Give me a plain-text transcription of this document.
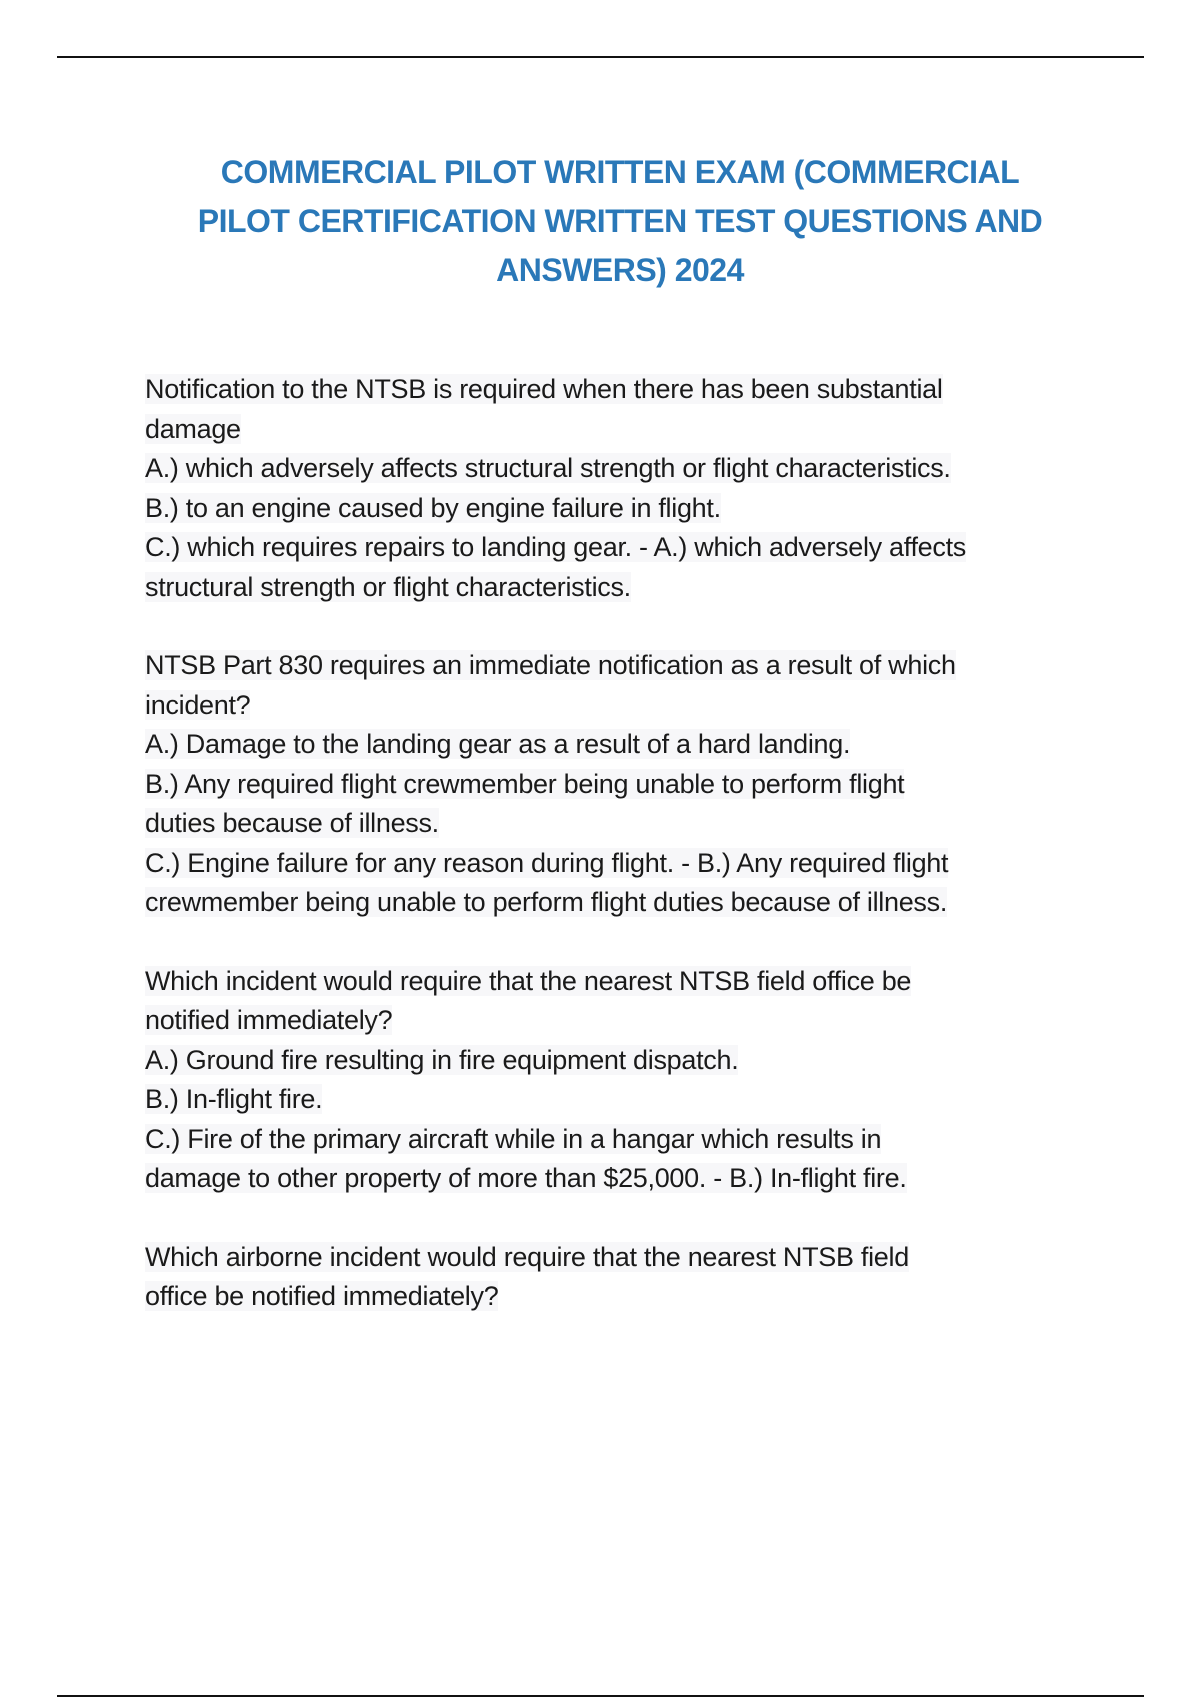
COMMERCIAL PILOT WRITTEN EXAM (COMMERCIAL
PILOT CERTIFICATION WRITTEN TEST QUESTIONS AND
ANSWERS) 2024
Notification to the NTSB is required when there has been substantial
damage
A.) which adversely affects structural strength or flight characteristics.
B.) to an engine caused by engine failure in flight.
C.) which requires repairs to landing gear. - A.) which adversely affects
structural strength or flight characteristics.
NTSB Part 830 requires an immediate notification as a result of which
incident?
A.) Damage to the landing gear as a result of a hard landing.
B.) Any required flight crewmember being unable to perform flight
duties because of illness.
C.) Engine failure for any reason during flight. - B.) Any required flight
crewmember being unable to perform flight duties because of illness.
Which incident would require that the nearest NTSB field office be
notified immediately?
A.) Ground fire resulting in fire equipment dispatch.
B.) In-flight fire.
C.) Fire of the primary aircraft while in a hangar which results in
damage to other property of more than $25,000. - B.) In-flight fire.
Which airborne incident would require that the nearest NTSB field
office be notified immediately?
